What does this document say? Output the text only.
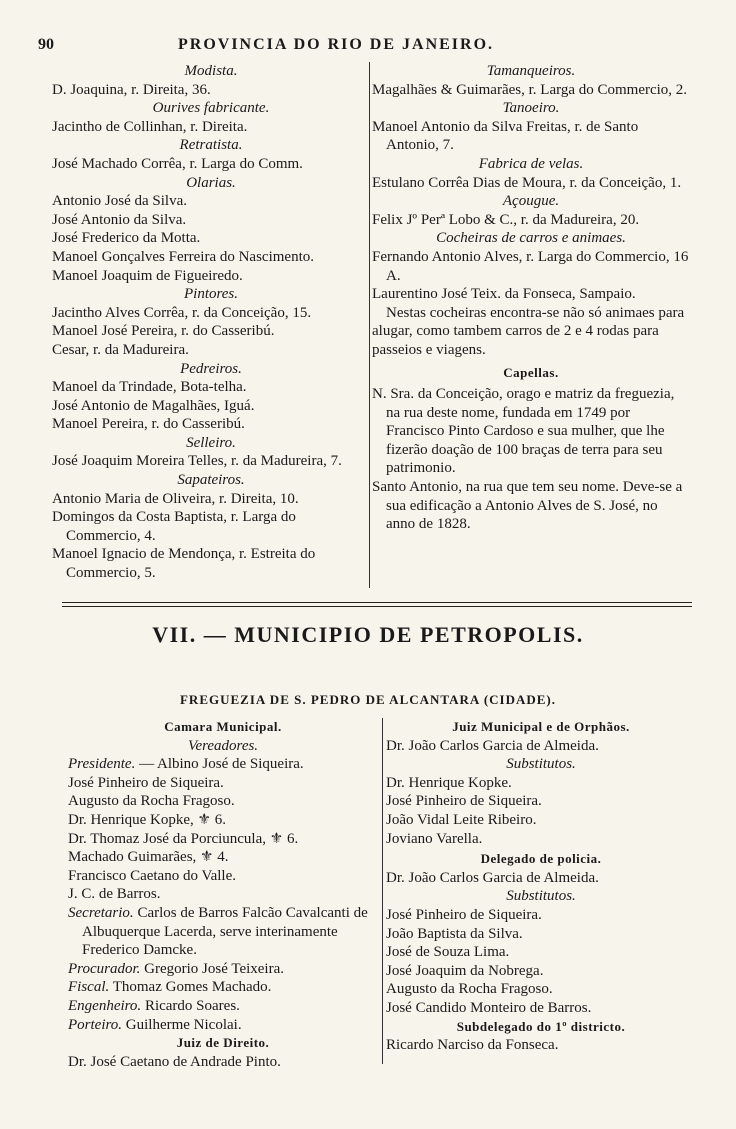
90	PROVINCIA DO RIO DE JANEIRO.
Modista.

D. Joaquina, r. Direita, 36.

Ourives fabricante.

Jacintho de Collinhan, r. Direita.

Retratista.

José Machado Corrêa, r. Larga do Comm.

Olarias.

Antonio José da Silva.

José Antonio da Silva.

José Frederico da Motta.

Manoel Gonçalves Ferreira do Nascimento.

Manoel Joaquim de Figueiredo.

Pintores.

Jacintho Alves Corrêa, r. da Conceição, 15.

Manoel José Pereira, r. do Casseribú.

Cesar, r. da Madureira.

Pedreiros.

Manoel da Trindade, Bota-telha.

José Antonio de Magalhães, Iguá.

Manoel Pereira, r. do Casseribú.

Selleiro.

José Joaquim Moreira Telles, r. da Madureira, 7.

Sapateiros.

Antonio Maria de Oliveira, r. Direita, 10.

Domingos da Costa Baptista, r. Larga do Commercio, 4.

Manoel Ignacio de Mendonça, r. Estreita do Commercio, 5.

Tamanqueiros.

Magalhães & Guimarães, r. Larga do Commercio, 2.

Tanoeiro.

Manoel Antonio da Silva Freitas, r. de Santo Antonio, 7.

Fabrica de velas.

Estulano Corrêa Dias de Moura, r. da Conceição, 1.

Açougue.

Felix Jº Perª Lobo & C., r. da Madureira, 20.

Cocheiras de carros e animaes.

Fernando Antonio Alves, r. Larga do Commercio, 16 A.

Laurentino José Teix. da Fonseca, Sampaio.

Nestas cocheiras encontra-se não só animaes para alugar, como tambem carros de 2 e 4 rodas para passeios e viagens.

Capellas.

N. Sra. da Conceição, orago e matriz da freguezia, na rua deste nome, fundada em 1749 por Francisco Pinto Cardoso e sua mulher, que lhe fizerão doação de 100 braças de terra para seu patrimonio.

Santo Antonio, na rua que tem seu nome. Deve-se a sua edificação a Antonio Alves de S. José, no anno de 1828.

VII. — MUNICIPIO DE PETROPOLIS.
FREGUEZIA DE S. PEDRO DE ALCANTARA (CIDADE).
Camara Municipal.
Vereadores.

Presidente. — Albino José de Siqueira.

José Pinheiro de Siqueira.

Augusto da Rocha Fragoso.

Dr. Henrique Kopke, ⚜ 6.

Dr. Thomaz José da Porciuncula, ⚜ 6.

Machado Guimarães, ⚜ 4.

Francisco Caetano do Valle.

J. C. de Barros.

Secretario. Carlos de Barros Falcão Cavalcanti de Albuquerque Lacerda, serve interinamente Frederico Damcke.

Procurador. Gregorio José Teixeira.

Fiscal. Thomaz Gomes Machado.

Engenheiro. Ricardo Soares.

Porteiro. Guilherme Nicolai.

Juiz de Direito.

Dr. José Caetano de Andrade Pinto.

Juiz Municipal e de Orphãos.

Dr. João Carlos Garcia de Almeida.

Substitutos.

Dr. Henrique Kopke.

José Pinheiro de Siqueira.

João Vidal Leite Ribeiro.

Joviano Varella.

Delegado de policia.

Dr. João Carlos Garcia de Almeida.

Substitutos.

José Pinheiro de Siqueira.

João Baptista da Silva.

José de Souza Lima.

José Joaquim da Nobrega.

Augusto da Rocha Fragoso.

José Candido Monteiro de Barros.

Subdelegado do 1º districto.

Ricardo Narciso da Fonseca.
